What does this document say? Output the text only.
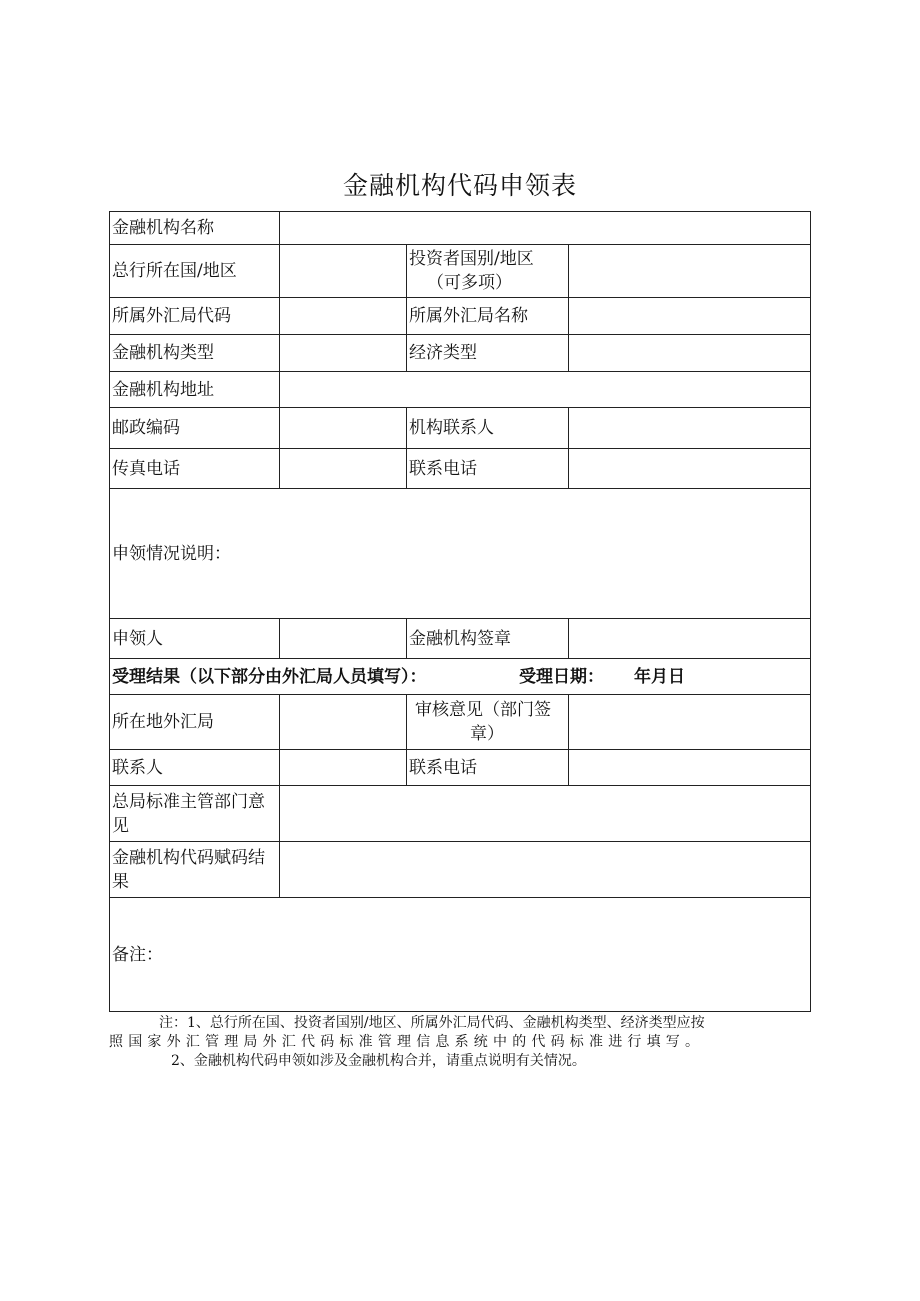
金融机构代码申领表
金融机构名称			
总行所在国/地区		投资者国别/地区
（可多项）	

所属外汇局代码		所属外汇局名称	
金融机构类型		经济类型	
金融机构地址			
邮政编码		机构联系人	
传真电话		联系电话	
申领情况说明：			
申领人		金融机构签章	

受理结果（以下部分由外汇局人员填写）： 受理日期： 年月日			

所在地外汇局		审核意见（部门签
章）	

联系人		联系电话	

总局标准主管部门意
见			

金融机构代码赋码结
果			

备注：			
注：1、总行所在国、投资者国别/地区、所属外汇局代码、金融机构类型、经济类型应按
照国家外汇管理局外汇代码标准管理信息系统中的代码标准进行填写。
2、金融机构代码申领如涉及金融机构合并，请重点说明有关情况。
